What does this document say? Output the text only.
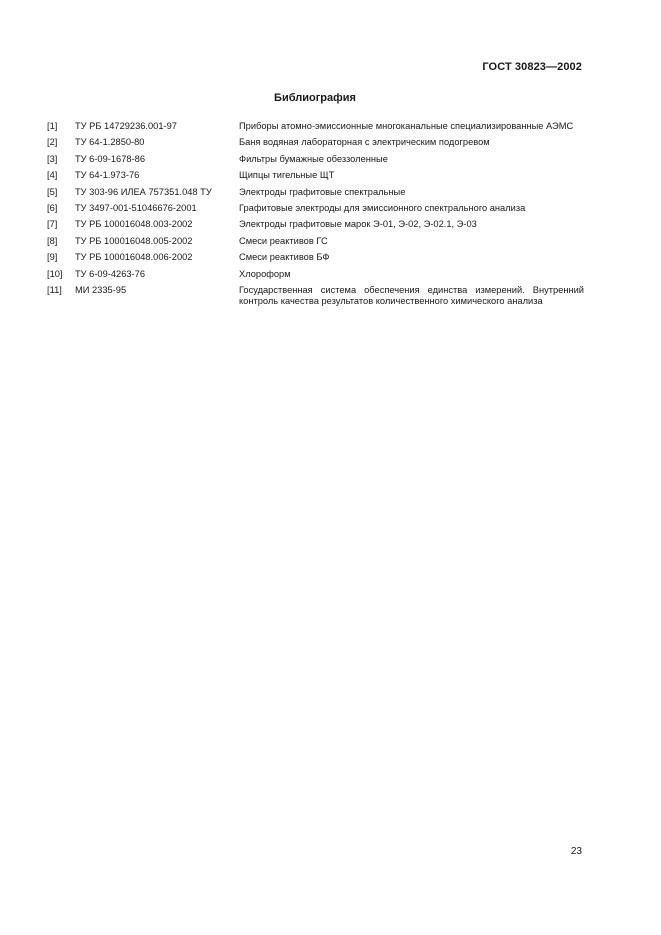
ГОСТ 30823—2002
Библиография
[1]	ТУ РБ 14729236.001-97	Приборы атомно-эмиссионные многоканальные специализированные АЭМС
[2]	ТУ 64-1.2850-80	Баня водяная лабораторная с электрическим подогревом
[3]	ТУ 6-09-1678-86	Фильтры бумажные обеззоленные
[4]	ТУ 64-1.973-76	Щипцы тигельные ЩТ
[5]	ТУ 303-96 ИЛЕА 757351.048 ТУ	Электроды графитовые спектральные
[6]	ТУ 3497-001-51046676-2001	Графитовые электроды для эмиссионного спектрального анализа
[7]	ТУ РБ 100016048.003-2002	Электроды графитовые марок Э-01, Э-02, Э-02.1, Э-03
[8]	ТУ РБ 100016048.005-2002	Смеси реактивов ГС
[9]	ТУ РБ 100016048.006-2002	Смеси реактивов БФ
[10]	ТУ 6-09-4263-76	Хлороформ
[11]	МИ 2335-95	Государственная система обеспечения единства измерений. Внутренний контроль качества результатов количественного химического анализа
23
